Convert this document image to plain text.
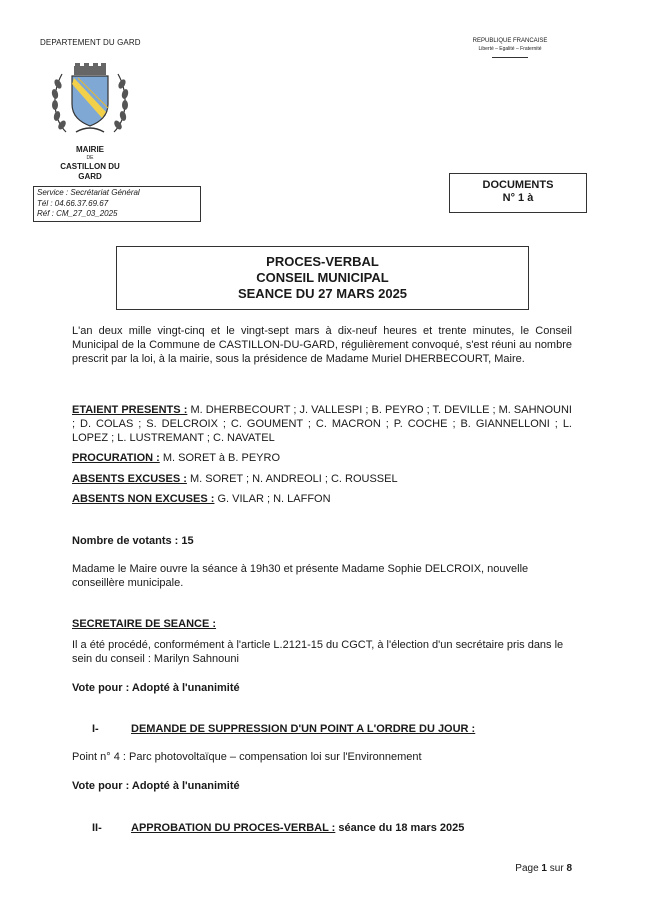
DEPARTEMENT DU GARD
MAIRIE
DE
CASTILLON DU GARD
REPUBLIQUE FRANCAISE
Liberté – Egalité – Fraternité
Service : Secrétariat Général
Tél : 04.66.37.69.67
Réf : CM_27_03_2025
DOCUMENTS
N° 1 à
PROCES-VERBAL
CONSEIL MUNICIPAL
SEANCE DU 27 MARS 2025
L'an deux mille vingt-cinq et le vingt-sept mars à dix-neuf heures et trente minutes, le Conseil Municipal de la Commune de CASTILLON-DU-GARD, régulièrement convoqué, s'est réuni au nombre prescrit par la loi, à la mairie, sous la présidence de Madame Muriel DHERBECOURT, Maire.
ETAIENT PRESENTS : M. DHERBECOURT ; J. VALLESPI ; B. PEYRO ; T. DEVILLE ; M. SAHNOUNI ; D. COLAS ; S. DELCROIX ; C. GOUMENT ; C. MACRON ; P. COCHE ; B. GIANNELLONI ; L. LOPEZ ; L. LUSTREMANT ; C. NAVATEL
PROCURATION : M. SORET à B. PEYRO
ABSENTS EXCUSES : M. SORET ; N. ANDREOLI ; C. ROUSSEL
ABSENTS NON EXCUSES : G. VILAR ; N. LAFFON
Nombre de votants : 15
Madame le Maire ouvre la séance à 19h30 et présente Madame Sophie DELCROIX, nouvelle conseillère municipale.
SECRETAIRE DE SEANCE :
Il a été procédé, conformément à l'article L.2121-15 du CGCT, à l'élection d'un secrétaire pris dans le sein du conseil : Marilyn Sahnouni
Vote pour : Adopté à l'unanimité
I-	DEMANDE DE SUPPRESSION D'UN POINT A L'ORDRE DU JOUR :
Point n° 4 : Parc photovoltaïque – compensation loi sur l'Environnement
Vote pour : Adopté à l'unanimité
II-	APPROBATION DU PROCES-VERBAL : séance du 18 mars 2025
Page 1 sur 8
